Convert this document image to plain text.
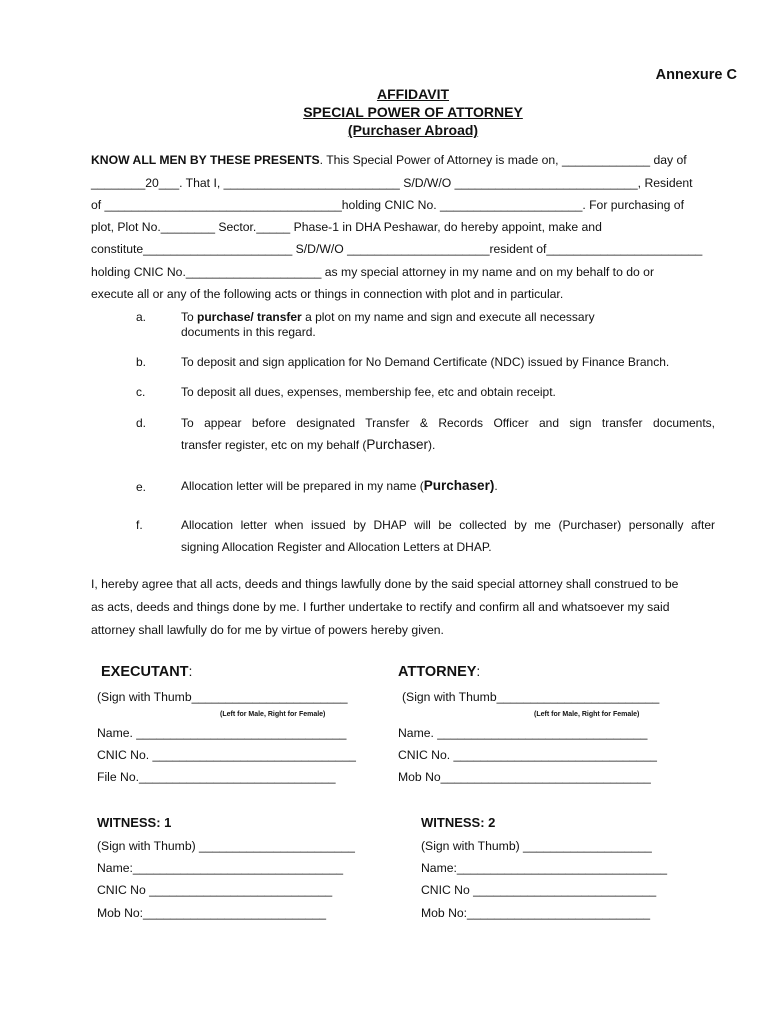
Annexure C
AFFIDAVIT
SPECIAL POWER OF ATTORNEY
(Purchaser Abroad)
KNOW ALL MEN BY THESE PRESENTS. This Special Power of Attorney is made on, _____________ day of
________20___. That I, __________________________ S/D/W/O ___________________________, Resident
of ___________________________________holding CNIC No. _____________________. For purchasing of
plot, Plot No.________ Sector._____ Phase-1 in DHA Peshawar, do hereby appoint, make and
constitute______________________ S/D/W/O _____________________resident of_______________________
holding CNIC No.____________________ as my special attorney in my name and on my behalf to do or
execute all or any of the following acts or things in connection with plot and in particular.
a.	To purchase/ transfer a plot on my name and sign and execute all necessary
documents in this regard.
b.	To deposit and sign application for No Demand Certificate (NDC) issued by Finance Branch.
c.	To deposit all dues, expenses, membership fee, etc and obtain receipt.
d.	To appear before designated Transfer & Records Officer and sign transfer documents,
transfer register, etc on my behalf (Purchaser).
e.	Allocation letter will be prepared in my name (Purchaser).
f.	Allocation letter when issued by DHAP will be collected by me (Purchaser) personally after
signing Allocation Register and Allocation Letters at DHAP.
I, hereby agree that all acts, deeds and things lawfully done by the said special attorney shall construed to be
as acts, deeds and things done by me. I further undertake to rectify and confirm all and whatsoever my said
attorney shall lawfully do for me by virtue of powers hereby given.
EXECUTANT:
(Sign with Thumb_______________________
(Left for Male, Right for Female)
Name. _______________________________
CNIC No. ______________________________
File No._____________________________
ATTORNEY:
(Sign with Thumb________________________
(Left for Male, Right for Female)
Name. _______________________________
CNIC No. ______________________________
Mob No_______________________________
WITNESS: 1
(Sign with Thumb) _______________________
Name:_______________________________
CNIC No ___________________________
Mob No:___________________________
WITNESS: 2
(Sign with Thumb) ___________________
Name:_______________________________
CNIC No ___________________________
Mob No:___________________________
